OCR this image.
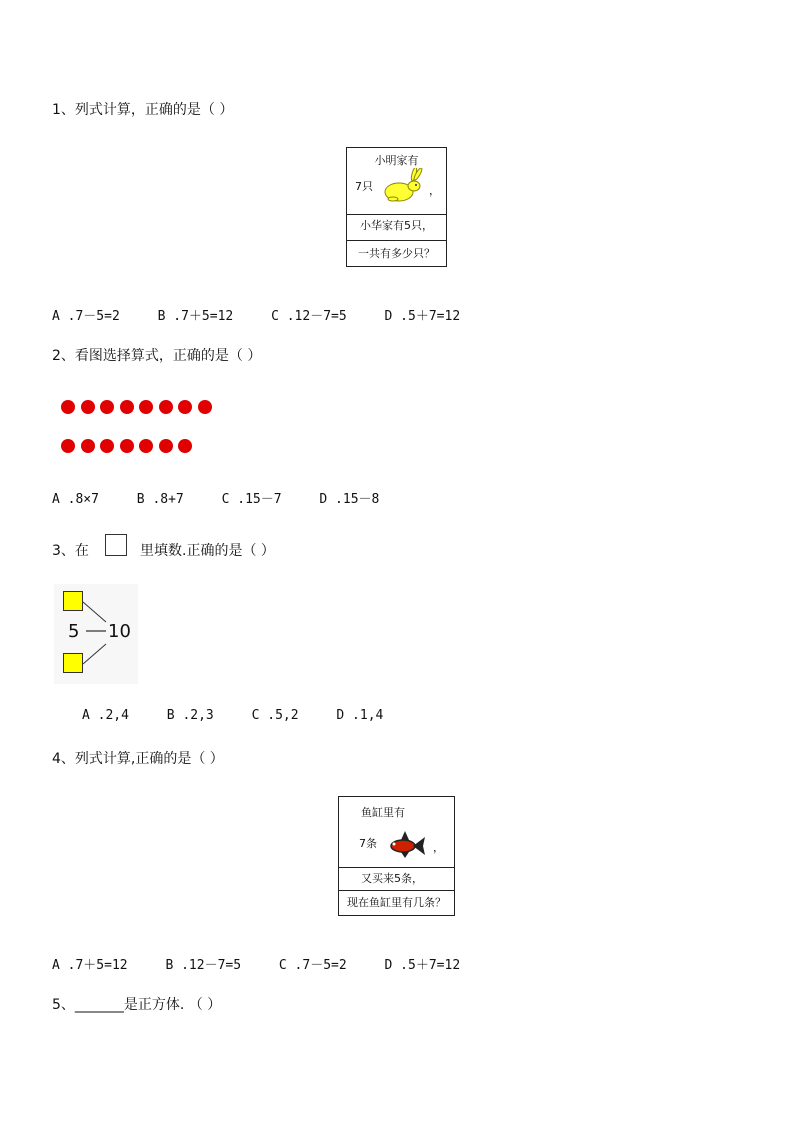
1、列式计算，正确的是（ ）
小明家有
7只	，
小华家有5只，
一共有多少只？
A .7－5=2	B .7＋5=12	C .12－7=5	D .5＋7=12
2、看图选择算式，正确的是（ ）
A .8×7	B .8+7	C .15－7	D .15－8
3、在	里填数.正确的是（ ）
5 10
A .2,4	B .2,3	C .5,2	D .1,4
4、列式计算,正确的是（ ）
鱼缸里有
7条	，
又买来5条，
现在鱼缸里有几条？
A .7＋5=12	B .12－7=5	C .7－5=2	D .5＋7=12
5、_______是正方体. （ ）
